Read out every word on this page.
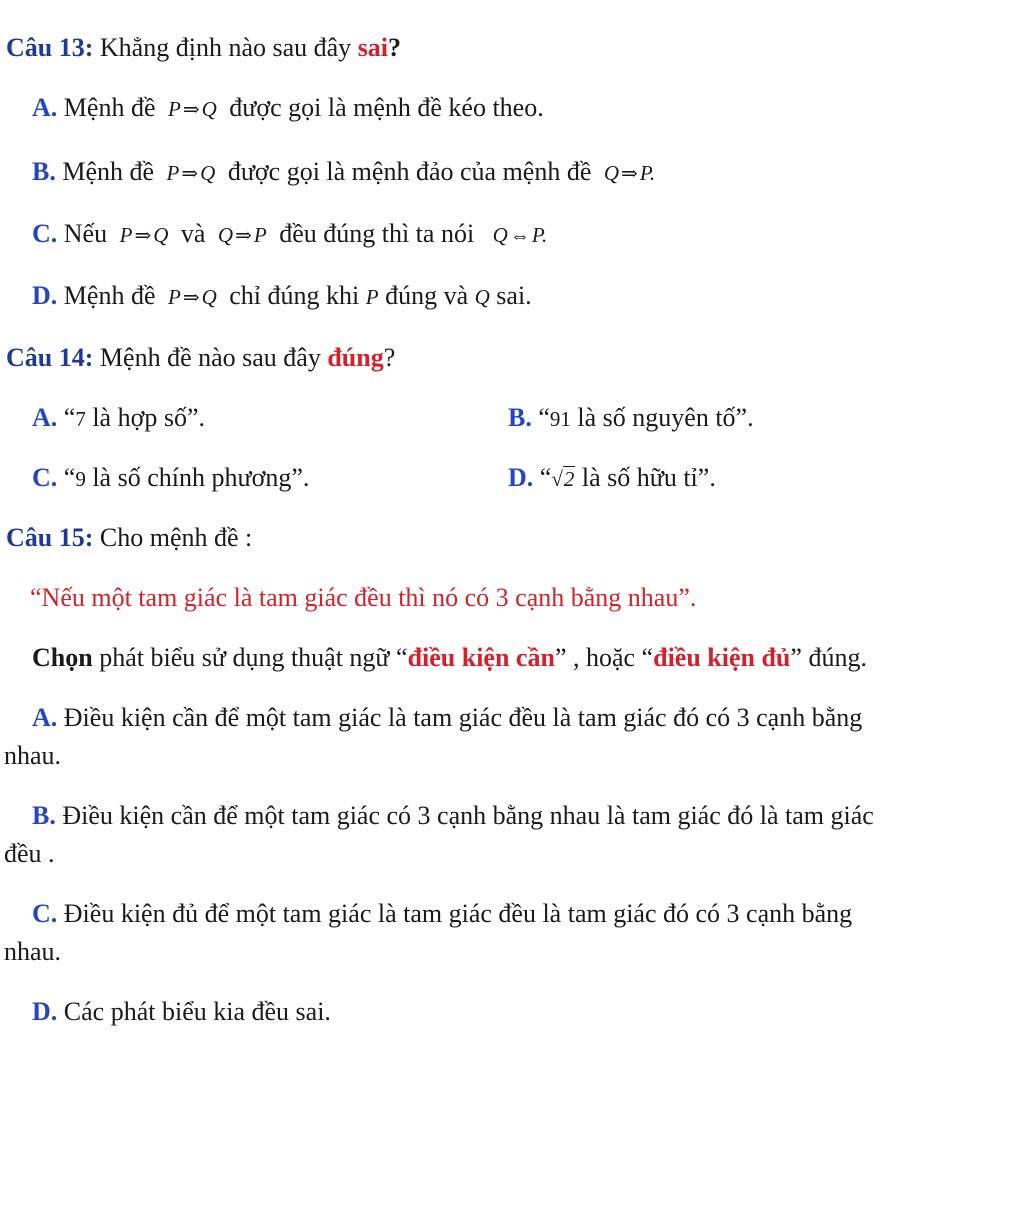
Câu 13: Khẳng định nào sau đây sai?
A. Mệnh đề P ⇒Q được gọi là mệnh đề kéo theo.
B. Mệnh đề P ⇒Q được gọi là mệnh đảo của mệnh đề Q ⇒P.
C. Nếu P ⇒Q và Q ⇒P đều đúng thì ta nói Q ⇔P.
D. Mệnh đề P ⇒Q chỉ đúng khi P đúng và Q sai.
Câu 14: Mệnh đề nào sau đây đúng?
A. “7 là hợp số”.	B. “91 là số nguyên tố”.
C. “9 là số chính phương”.	D. “√2 là số hữu tỉ”.
Câu 15: Cho mệnh đề :
“Nếu một tam giác là tam giác đều thì nó có 3 cạnh bằng nhau”.
Chọn phát biểu sử dụng thuật ngữ “điều kiện cần” , hoặc “điều kiện đủ” đúng.
A. Điều kiện cần để một tam giác là tam giác đều là tam giác đó có 3 cạnh bằng
nhau.
B. Điều kiện cần để một tam giác có 3 cạnh bằng nhau là tam giác đó là tam giác
đều .
C. Điều kiện đủ để một tam giác là tam giác đều là tam giác đó có 3 cạnh bằng
nhau.
D. Các phát biểu kia đều sai.
